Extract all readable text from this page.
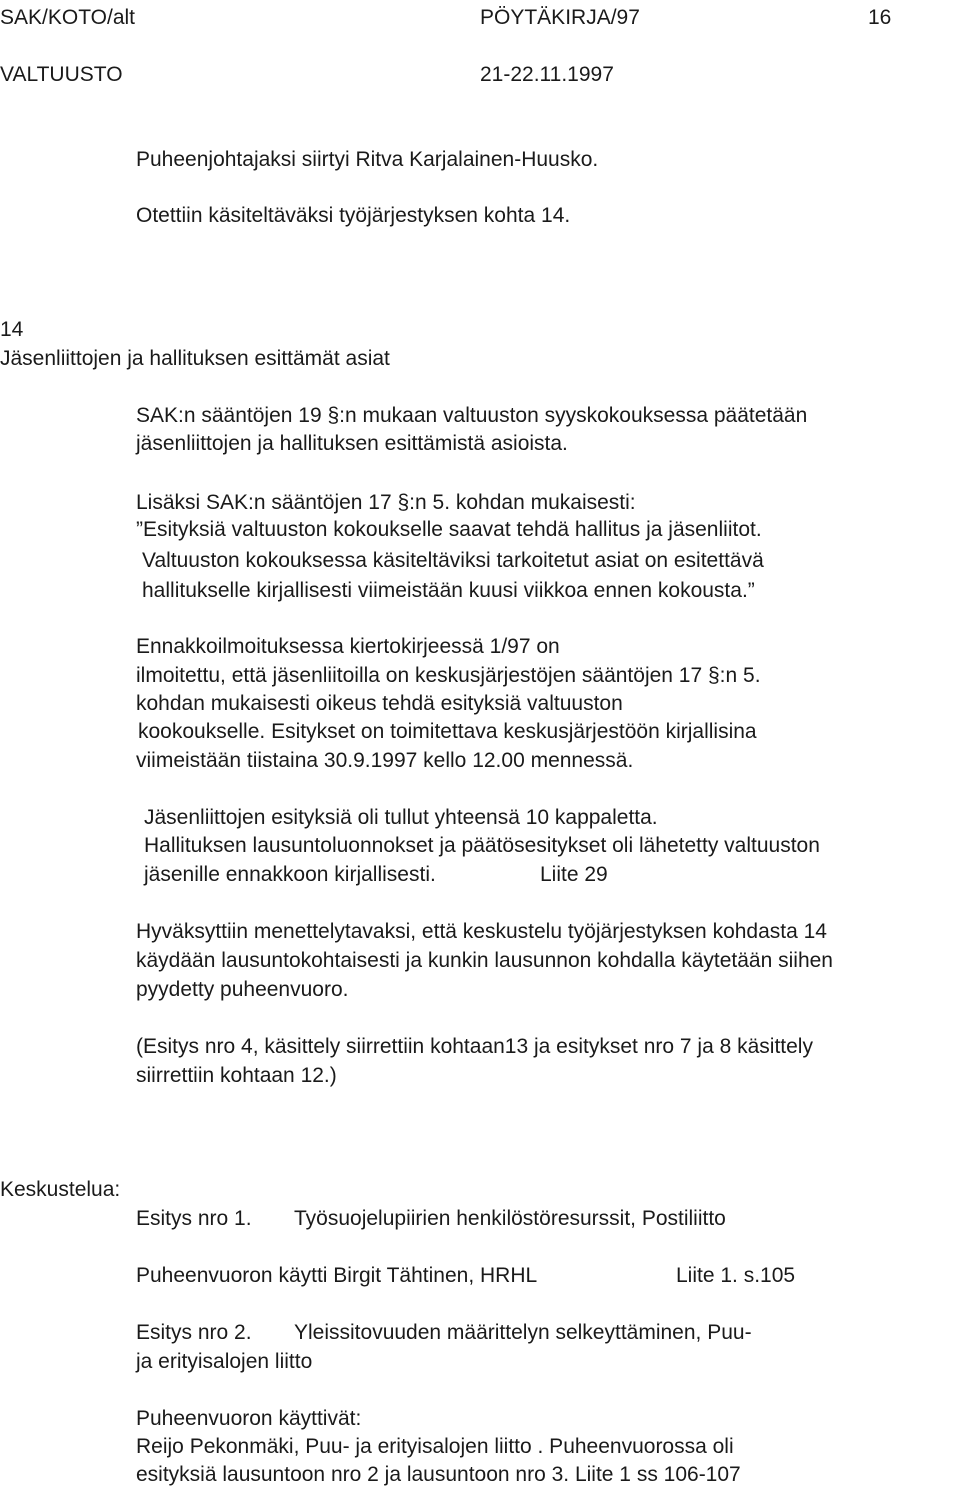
SAK/KOTO/alt	PÖYTÄKIRJA/97	16
VALTUUSTO	21-22.11.1997
Puheenjohtajaksi siirtyi Ritva Karjalainen-Huusko.
Otettiin käsiteltäväksi työjärjestyksen kohta 14.
14
Jäsenliittojen ja hallituksen esittämät asiat
SAK:n sääntöjen 19 §:n mukaan valtuuston syyskokouksessa päätetään
jäsenliittojen ja hallituksen esittämistä asioista.
Lisäksi SAK:n sääntöjen 17 §:n 5. kohdan mukaisesti:
”Esityksiä valtuuston kokoukselle saavat tehdä hallitus ja jäsenliitot.
Valtuuston kokouksessa käsiteltäviksi tarkoitetut asiat on esitettävä
hallitukselle kirjallisesti viimeistään kuusi viikkoa ennen kokousta.”
Ennakkoilmoituksessa kiertokirjeessä 1/97 on
ilmoitettu, että jäsenliitoilla on keskusjärjestöjen sääntöjen 17 §:n 5.
kohdan mukaisesti oikeus tehdä esityksiä valtuuston
kookoukselle. Esitykset on toimitettava keskusjärjestöön kirjallisina
viimeistään tiistaina 30.9.1997 kello 12.00 mennessä.
Jäsenliittojen esityksiä oli tullut yhteensä 10 kappaletta.
Hallituksen lausuntoluonnokset ja päätösesitykset oli lähetetty valtuuston
jäsenille ennakkoon kirjallisesti.	Liite 29
Hyväksyttiin menettelytavaksi, että keskustelu työjärjestyksen kohdasta 14
käydään lausuntokohtaisesti ja kunkin lausunnon kohdalla käytetään siihen
pyydetty puheenvuoro.
(Esitys nro 4, käsittely siirrettiin kohtaan13 ja esitykset nro 7 ja 8 käsittely
siirrettiin kohtaan 12.)
Keskustelua:
Esitys nro 1. Työsuojelupiirien henkilöstöresurssit, Postiliitto
Puheenvuoron käytti Birgit Tähtinen, HRHL	Liite 1. s.105
Esitys nro 2. Yleissitovuuden määrittelyn selkeyttäminen, Puu-
ja erityisalojen liitto
Puheenvuoron käyttivät:
Reijo Pekonmäki, Puu- ja erityisalojen liitto . Puheenvuorossa oli
esityksiä lausuntoon nro 2 ja lausuntoon nro 3. Liite 1 ss 106-107
